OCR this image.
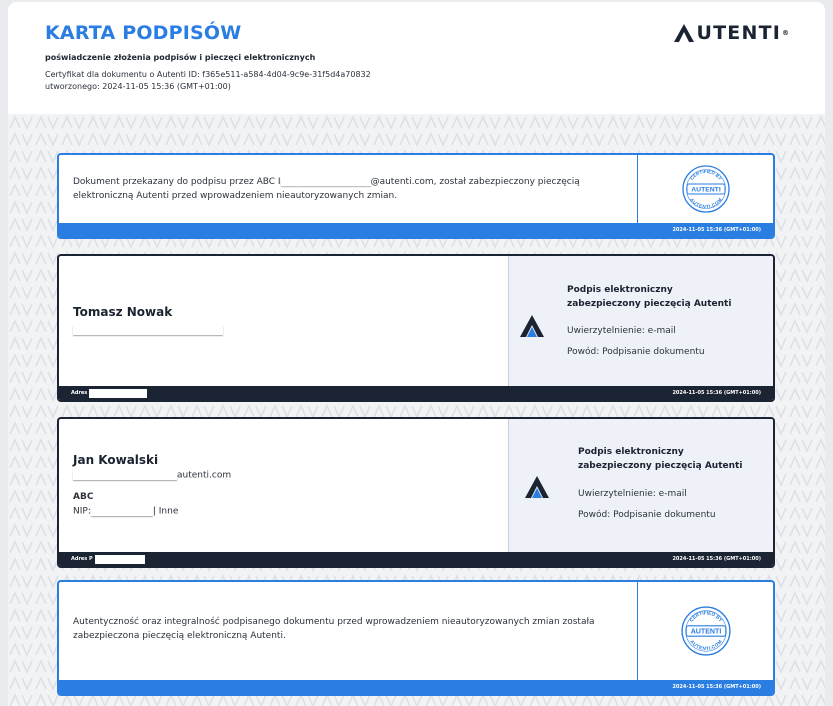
KARTA PODPISÓW
poświadczenie złożenia podpisów i pieczęci elektronicznych
Certyfikat dla dokumentu o Autenti ID: f365e511-a584-4d04-9c9e-31f5d4a70832
utworzonego: 2024-11-05 15:36 (GMT+01:00)
UTENTI ®
Dokument przekazany do podpisu przez ABC I	@autenti.com, został zabezpieczony pieczęcią
elektroniczną Autenti przed wprowadzeniem nieautoryzowanych zmian.
CERTIFIED BY
AUTENTI
AUTENTI.COM
2024-11-05 15:36 (GMT+01:00)
Tomasz Nowak
Podpis elektroniczny
zabezpieczony pieczęcią Autenti
Uwierzytelnienie: e-mail
Powód: Podpisanie dokumentu
Adres	2024-11-05 15:36 (GMT+01:00)
Jan Kowalski
autenti.com
ABC
NIP:	| Inne
Podpis elektroniczny
zabezpieczony pieczęcią Autenti
Uwierzytelnienie: e-mail
Powód: Podpisanie dokumentu
Adres P	2024-11-05 15:36 (GMT+01:00)
Autentyczność oraz integralność podpisanego dokumentu przed wprowadzeniem nieautoryzowanych zmian została
zabezpieczona pieczęcią elektroniczną Autenti.
CERTIFIED BY
AUTENTI
AUTENTI.COM
2024-11-05 15:36 (GMT+01:00)
